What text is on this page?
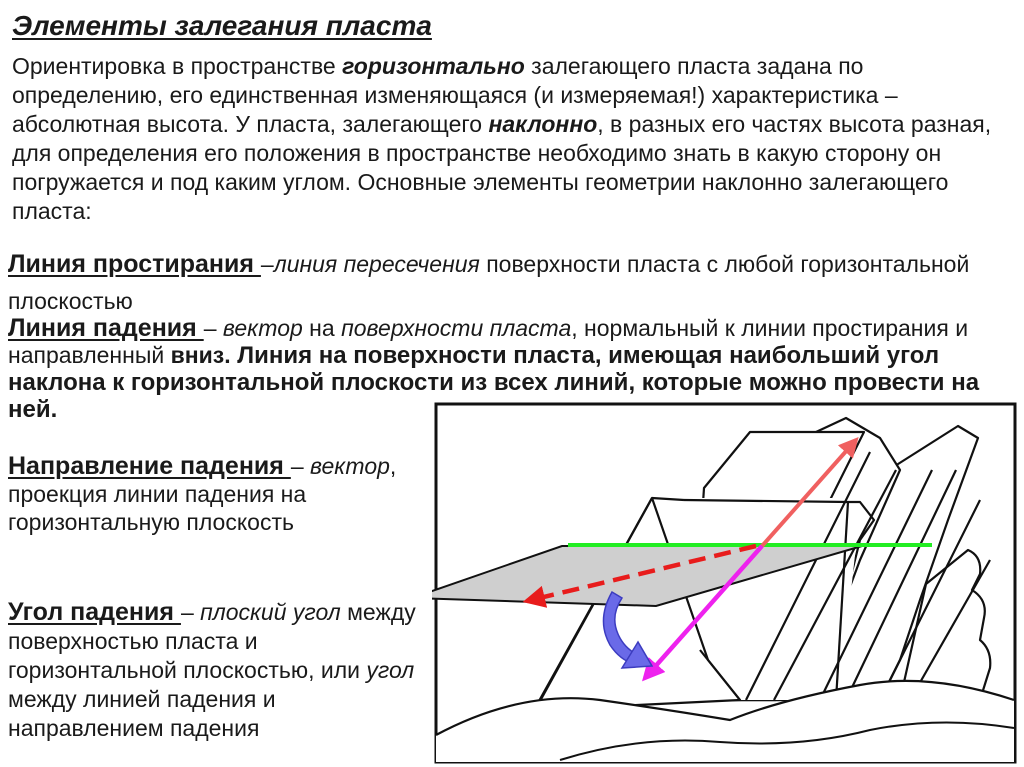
Элементы залегания пласта

Ориентировка в пространстве горизонтально залегающего пласта задана по определению, его единственная изменяющаяся (и измеряемая!) характеристика – абсолютная высота. У пласта, залегающего наклонно, в разных его частях высота разная, для определения его положения в пространстве необходимо знать в какую сторону он погружается и под каким углом. Основные элементы геометрии наклонно залегающего пласта:

Линия простирания –линия пересечения поверхности пласта с любой горизонтальной плоскостью

Линия падения – вектор на поверхности пласта, нормальный к линии простирания и направленный вниз. Линия на поверхности пласта, имеющая наибольший угол наклона к горизонтальной плоскости из всех линий, которые можно провести на ней.

Направление падения – вектор, проекция линии падения на горизонтальную плоскость

Угол падения – плоский угол между поверхностью пласта и горизонтальной плоскостью, или угол между линией падения и направлением падения
